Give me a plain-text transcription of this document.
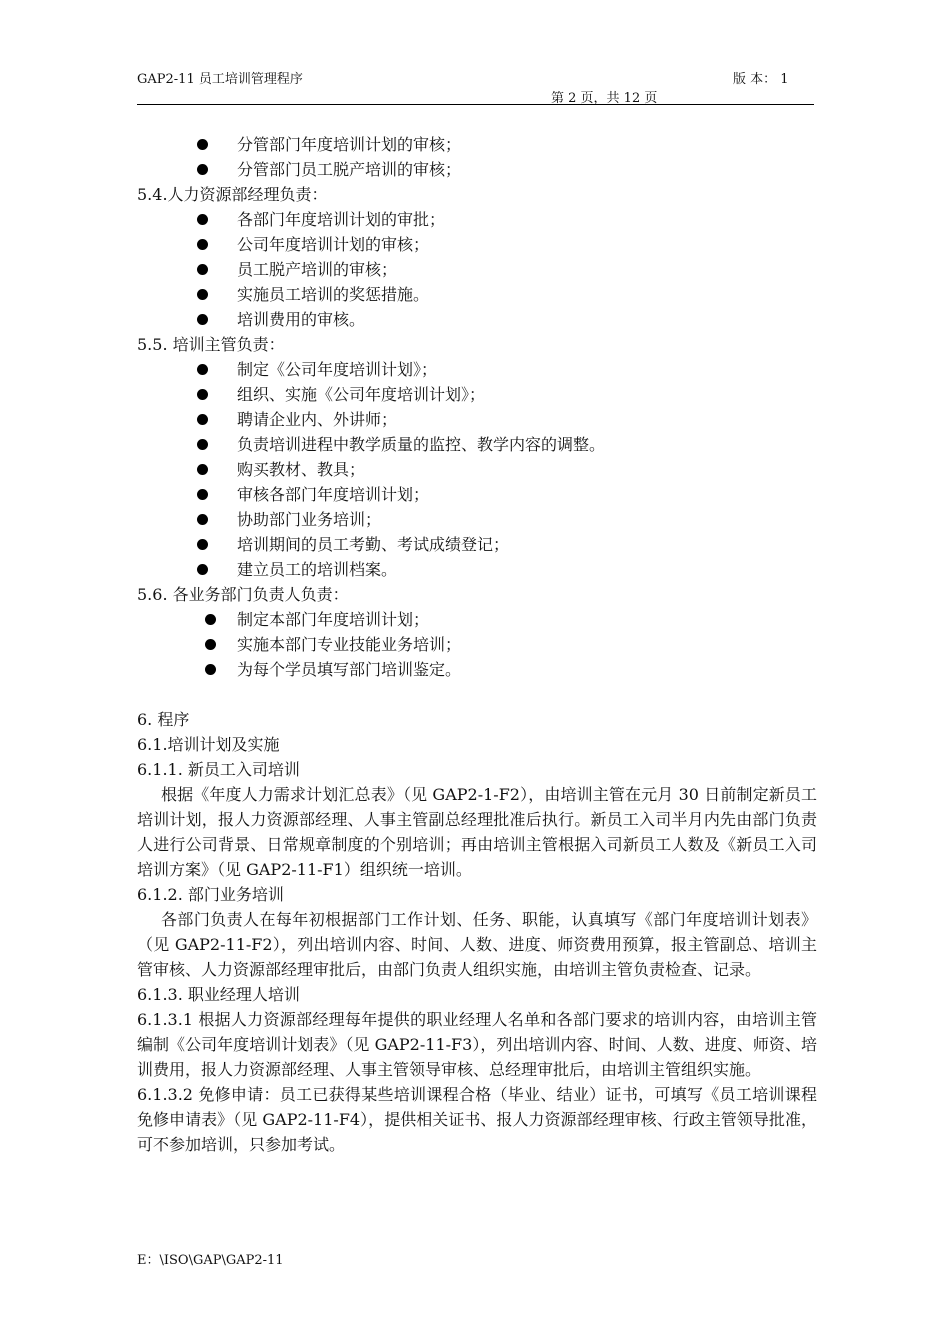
GAP2-11 员工培训管理程序	版 本： 1
第 2 页，共 12 页
分管部门年度培训计划的审核；
分管部门员工脱产培训的审核；
5.4.人力资源部经理负责：
各部门年度培训计划的审批；
公司年度培训计划的审核；
员工脱产培训的审核；
实施员工培训的奖惩措施。
培训费用的审核。
5.5. 培训主管负责：
制定《公司年度培训计划》；
组织、实施《公司年度培训计划》；
聘请企业内、外讲师；
负责培训进程中教学质量的监控、教学内容的调整。
购买教材、教具；
审核各部门年度培训计划；
协助部门业务培训；
培训期间的员工考勤、考试成绩登记；
建立员工的培训档案。
5.6. 各业务部门负责人负责：
制定本部门年度培训计划；
实施本部门专业技能业务培训；
为每个学员填写部门培训鉴定。
6. 程序
6.1.培训计划及实施
6.1.1. 新员工入司培训
根据《年度人力需求计划汇总表》（见 GAP2-1-F2），由培训主管在元月 30 日前制定新员工培训计划，报人力资源部经理、人事主管副总经理批准后执行。新员工入司半月内先由部门负责人进行公司背景、日常规章制度的个别培训；再由培训主管根据入司新员工人数及《新员工入司培训方案》（见 GAP2-11-F1）组织统一培训。
6.1.2. 部门业务培训
各部门负责人在每年初根据部门工作计划、任务、职能，认真填写《部门年度培训计划表》（见 GAP2-11-F2），列出培训内容、时间、人数、进度、师资费用预算，报主管副总、培训主管审核、人力资源部经理审批后，由部门负责人组织实施，由培训主管负责检查、记录。
6.1.3. 职业经理人培训
6.1.3.1 根据人力资源部经理每年提供的职业经理人名单和各部门要求的培训内容，由培训主管编制《公司年度培训计划表》（见 GAP2-11-F3），列出培训内容、时间、人数、进度、师资、培训费用，报人力资源部经理、人事主管领导审核、总经理审批后，由培训主管组织实施。
6.1.3.2 免修申请：员工已获得某些培训课程合格（毕业、结业）证书，可填写《员工培训课程免修申请表》（见 GAP2-11-F4），提供相关证书、报人力资源部经理审核、行政主管领导批准，可不参加培训，只参加考试。
E：\ISO\GAP\GAP2-11
